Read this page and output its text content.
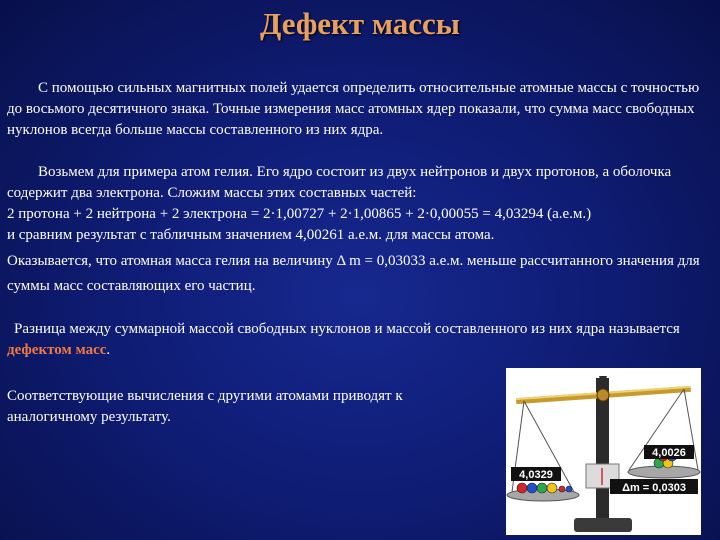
Дефект массы
С помощью сильных магнитных полей удается определить относительные атомные массы с точностью до восьмого десятичного знака. Точные измерения масс атомных ядер показали, что сумма масс свободных нуклонов всегда больше массы составленного из них ядра.
Возьмем для примера атом гелия. Его ядро состоит из двух нейтронов и двух протонов, а оболочка содержит два электрона. Сложим массы этих составных частей:
2 протона + 2 нейтрона + 2 электрона = 2·1,00727 + 2·1,00865 + 2·0,00055 = 4,03294 (а.е.м.)
и сравним результат с табличным значением 4,00261 а.е.м. для массы атома.
Оказывается, что атомная масса гелия на величину Δ m = 0,03033 а.е.м. меньше рассчитанного значения для суммы масс составляющих его частиц.
Разница между суммарной массой свободных нуклонов и массой составленного из них ядра называется дефектом масс.
Соответствующие вычисления с другими атомами приводят к аналогичному результату.
4,0329
4,0026
Δm = 0,0303
